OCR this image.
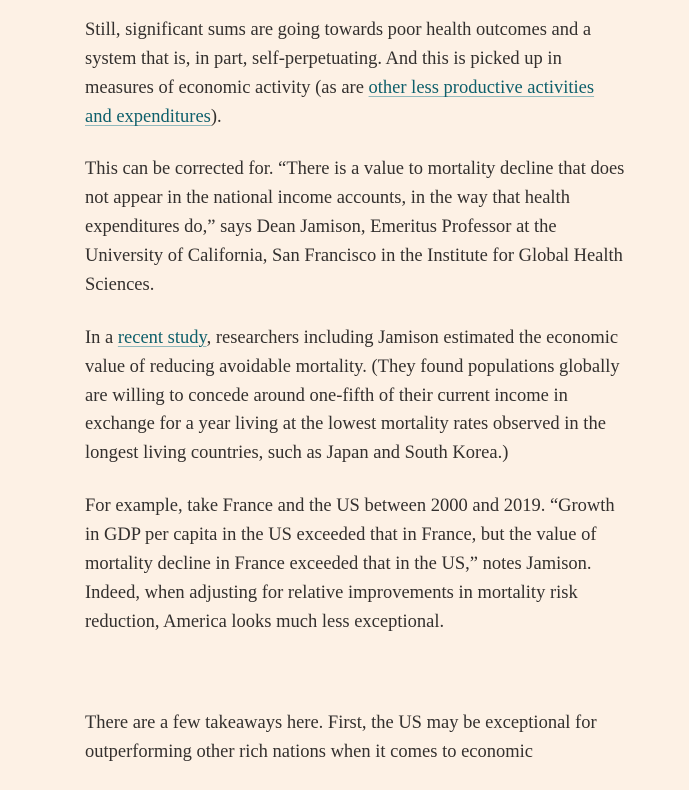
Still, significant sums are going towards poor health outcomes and a system that is, in part, self-perpetuating. And this is picked up in measures of economic activity (as are other less productive activities and expenditures).

This can be corrected for. “There is a value to mortality decline that does not appear in the national income accounts, in the way that health expenditures do,” says Dean Jamison, Emeritus Professor at the University of California, San Francisco in the Institute for Global Health Sciences.

In a recent study, researchers including Jamison estimated the economic value of reducing avoidable mortality. (They found populations globally are willing to concede around one-fifth of their current income in exchange for a year living at the lowest mortality rates observed in the longest living countries, such as Japan and South Korea.)

For example, take France and the US between 2000 and 2019. “Growth in GDP per capita in the US exceeded that in France, but the value of mortality decline in France exceeded that in the US,” notes Jamison. Indeed, when adjusting for relative improvements in mortality risk reduction, America looks much less exceptional.

There are a few takeaways here. First, the US may be exceptional for outperforming other rich nations when it comes to economic
